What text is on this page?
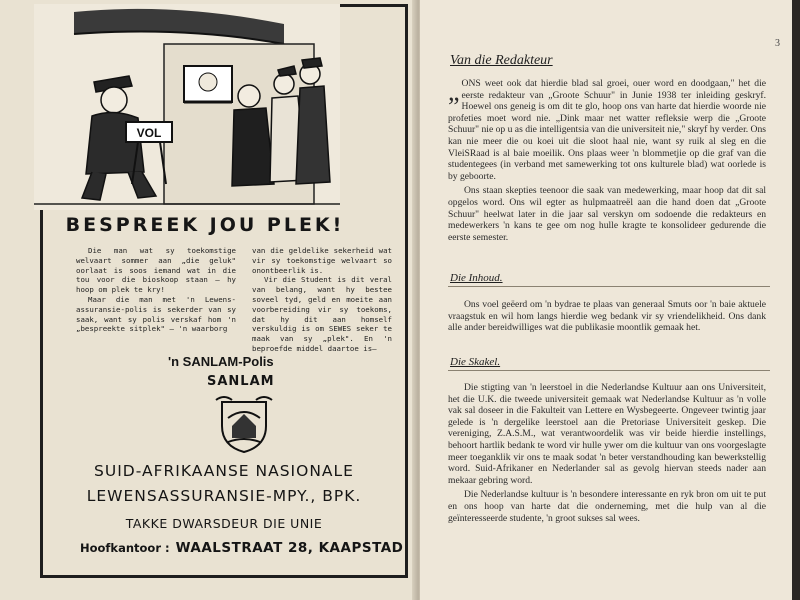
VOL
BESPREEK JOU PLEK!

Die man wat sy toekomstige welvaart sommer aan „die geluk" oorlaat is soos iemand wat in die tou voor die bioskoop staan — hy hoop om plek te kry!

Maar die man met 'n Lewens-assuransie-polis is sekerder van sy saak, want sy polis verskaf hom 'n „bespreekte sitplek" — 'n waarborg

van die geldelike sekerheid wat vir sy toekomstige welvaart so onontbeerlik is.

Vir die Student is dit veral van belang, want hy bestee soveel tyd, geld en moeite aan voorbereiding vir sy toekoms, dat hy dit aan homself verskuldig is om SEWES seker te maak van sy „plek". En 'n beproefde middel daartoe is—

'n SANLAM-Polis
SANLAM
SUID-AFRIKAANSE NASIONALE
LEWENSASSURANSIE-MPY., BPK.
TAKKE DWARSDEUR DIE UNIE
Hoofkantoor : WAALSTRAAT 28, KAAPSTAD
3
Van die Redakteur

„ ONS weet ook dat hierdie blad sal groei, ouer word en doodgaan," het die eerste redakteur van „Groote Schuur" in Junie 1938 ter inleiding geskryf. Hoewel ons geneig is om dit te glo, hoop ons van harte dat hierdie woorde nie profeties moet word nie. „Dink maar net watter refleksie werp die „Groote Schuur" nie op u as die intelligentsia van die universiteit nie," skryf hy verder. Ons kan nie meer die ou koei uit die sloot haal nie, want sy ruik al sleg en die VleiSRaad is al baie moeilik. Ons plaas weer 'n blommetjie op die graf van die studentegees (in verband met samewerking tot ons kulturele blad) wat oorlede is by geboorte.

Ons staan skepties teenoor die saak van medewerking, maar hoop dat dit sal opgelos word. Ons wil egter as hulpmaatreël aan die hand doen dat „Groote Schuur" heelwat later in die jaar sal verskyn om sodoende die redakteurs en medewerkers 'n kans te gee om nog hulle kragte te konsolideer gedurende die eerste semester.

Die Inhoud.

Ons voel geëerd om 'n bydrae te plaas van generaal Smuts oor 'n baie aktuele vraagstuk en wil hom langs hierdie weg bedank vir sy vriendelikheid. Ons dank alle ander bereidwilliges wat die publikasie moontlik gemaak het.

Die Skakel.

Die stigting van 'n leerstoel in die Nederlandse Kultuur aan ons Universiteit, het die U.K. die tweede universiteit gemaak wat Nederlandse Kultuur as 'n volle vak sal doseer in die Fakulteit van Lettere en Wysbegeerte. Ongeveer twintig jaar gelede is 'n dergelike leerstoel aan die Pretoriase Universiteit geskep. Die vereniging, Z.A.S.M., wat verantwoordelik was vir beide hierdie instellings, behoort hartlik bedank te word vir hulle ywer om die kultuur van ons voorgeslagte meer toeganklik vir ons te maak sodat 'n beter verstandhouding kan bewerkstellig word. Suid-Afrikaner en Nederlander sal as gevolg hiervan steeds nader aan mekaar gebring word.

Die Nederlandse kultuur is 'n besondere interessante en ryk bron om uit te put en ons hoop van harte dat die onderneming, met die hulp van al die geïnteresseerde studente, 'n groot sukses sal wees.
